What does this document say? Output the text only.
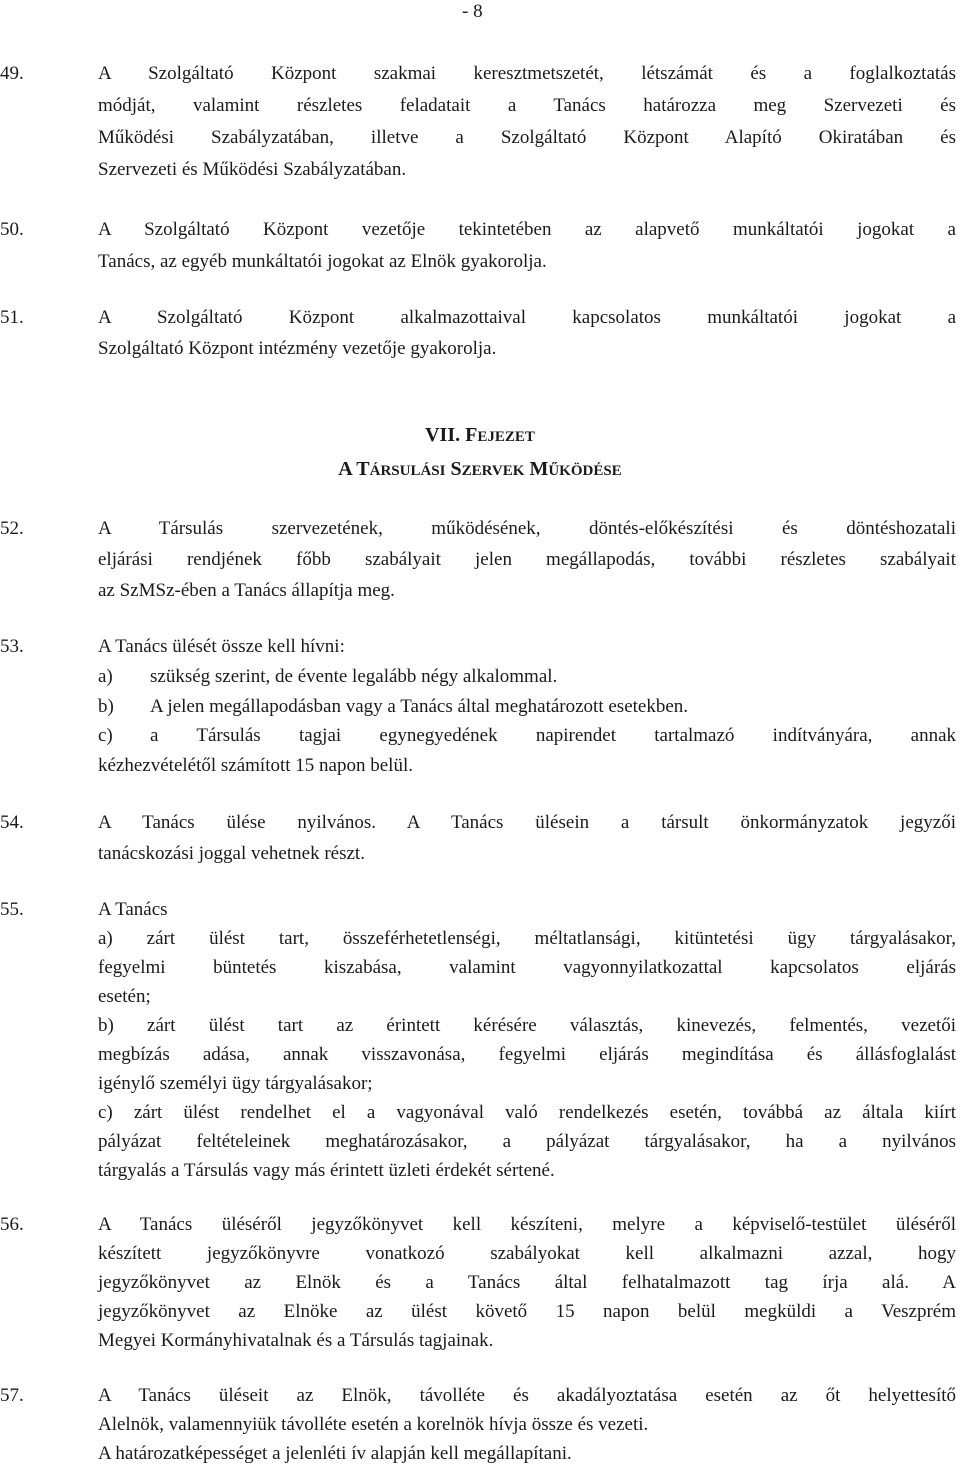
- 8
49.	A Szolgáltató Központ szakmai keresztmetszetét, létszámát és a foglalkoztatás
módját, valamint részletes feladatait a Tanács határozza meg Szervezeti és
Működési Szabályzatában, illetve a Szolgáltató Központ Alapító Okiratában és
Szervezeti és Működési Szabályzatában.
50.	A Szolgáltató Központ vezetője tekintetében az alapvető munkáltatói jogokat a
Tanács, az egyéb munkáltatói jogokat az Elnök gyakorolja.
51.	A Szolgáltató Központ alkalmazottaival kapcsolatos munkáltatói jogokat a
Szolgáltató Központ intézmény vezetője gyakorolja.
VII. FEJEZET
A TÁRSULÁSI SZERVEK MŰKÖDÉSE
52.	A Társulás szervezetének, működésének, döntés-előkészítési és döntéshozatali
eljárási rendjének főbb szabályait jelen megállapodás, további részletes szabályait
az SzMSz-ében a Tanács állapítja meg.
53.	A Tanács ülését össze kell hívni:
a) szükség szerint, de évente legalább négy alkalommal.
b) A jelen megállapodásban vagy a Tanács által meghatározott esetekben.
c) a Társulás tagjai egynegyedének napirendet tartalmazó indítványára, annak
kézhezvételétől számított 15 napon belül.
54.	A Tanács ülése nyilvános. A Tanács ülésein a társult önkormányzatok jegyzői
tanácskozási joggal vehetnek részt.
55.	A Tanács
a) zárt ülést tart, összeférhetetlenségi, méltatlansági, kitüntetési ügy tárgyalásakor,
fegyelmi büntetés kiszabása, valamint vagyonnyilatkozattal kapcsolatos eljárás
esetén;
b) zárt ülést tart az érintett kérésére választás, kinevezés, felmentés, vezetői
megbízás adása, annak visszavonása, fegyelmi eljárás megindítása és állásfoglalást
igénylő személyi ügy tárgyalásakor;
c) zárt ülést rendelhet el a vagyonával való rendelkezés esetén, továbbá az általa kiírt
pályázat feltételeinek meghatározásakor, a pályázat tárgyalásakor, ha a nyilvános
tárgyalás a Társulás vagy más érintett üzleti érdekét sértené.
56.	A Tanács üléséről jegyzőkönyvet kell készíteni, melyre a képviselő-testület üléséről
készített jegyzőkönyvre vonatkozó szabályokat kell alkalmazni azzal, hogy
jegyzőkönyvet az Elnök és a Tanács által felhatalmazott tag írja alá. A
jegyzőkönyvet az Elnöke az ülést követő 15 napon belül megküldi a Veszprém
Megyei Kormányhivatalnak és a Társulás tagjainak.
57.	A Tanács üléseit az Elnök, távolléte és akadályoztatása esetén az őt helyettesítő
Alelnök, valamennyiük távolléte esetén a korelnök hívja össze és vezeti.
A határozatképességet a jelenléti ív alapján kell megállapítani.
